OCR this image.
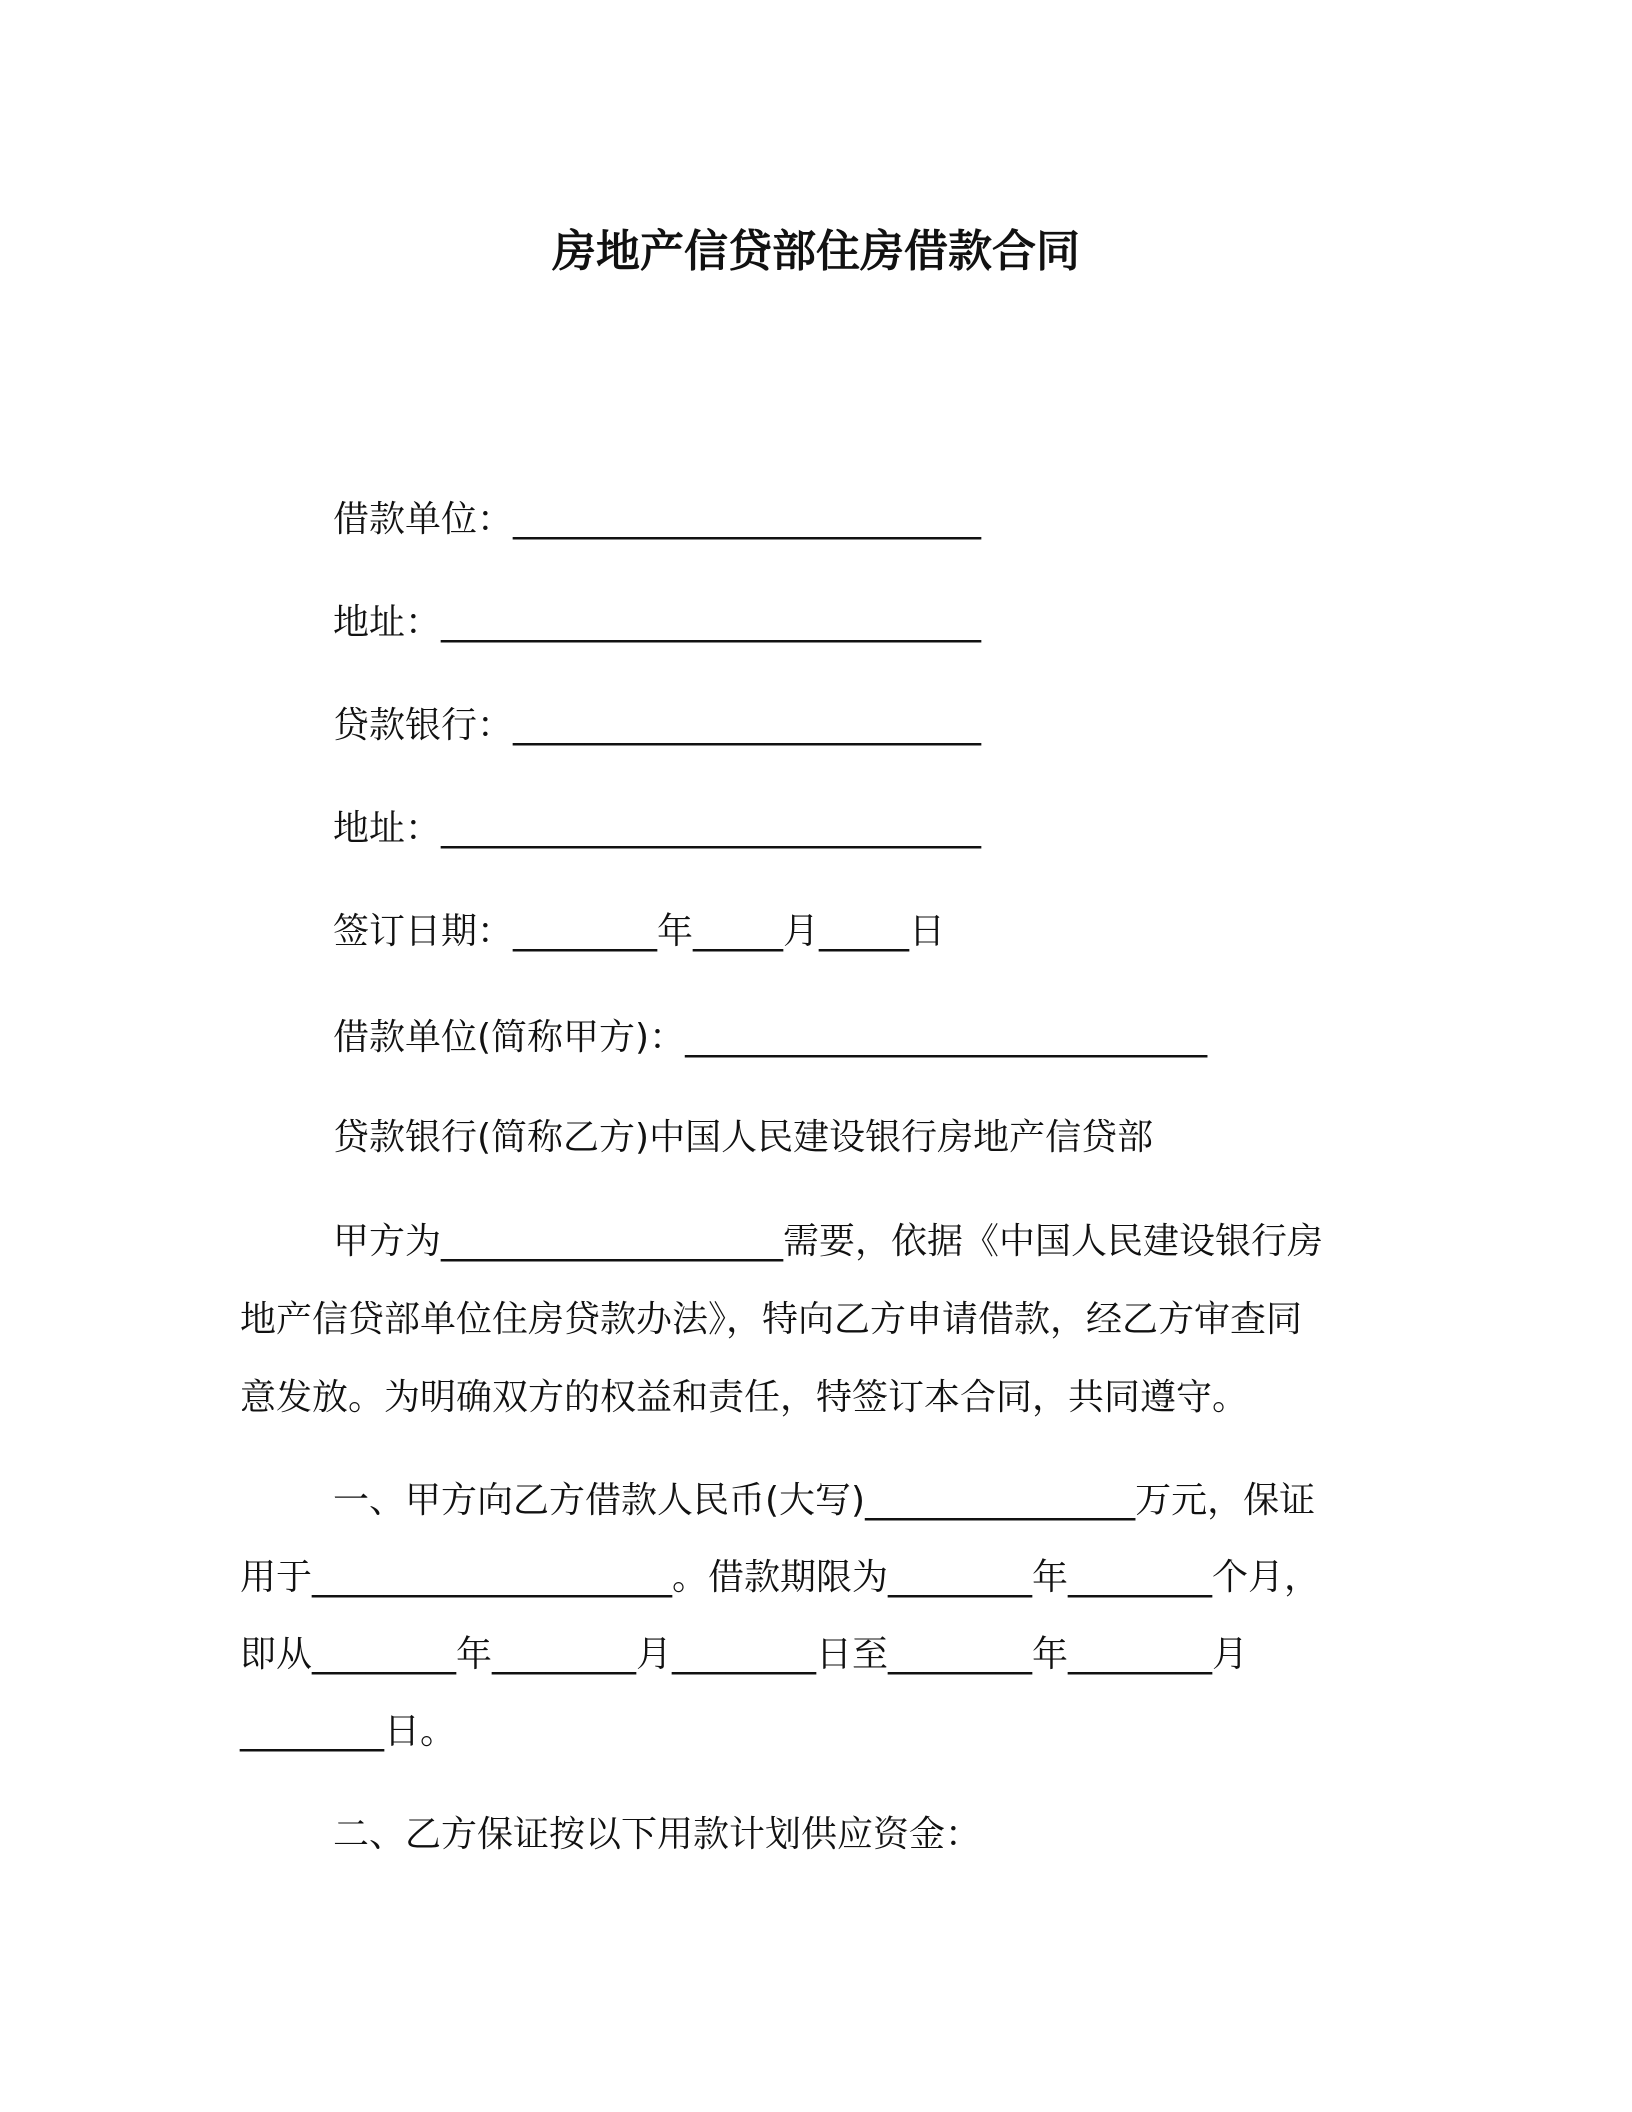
房地产信贷部住房借款合同
借款单位：__________________________
地址：______________________________
贷款银行：__________________________
地址：______________________________
签订日期：________年_____月_____日
借款单位(简称甲方)：_____________________________
贷款银行(简称乙方)中国人民建设银行房地产信贷部
甲方为___________________需要，依据《中国人民建设银行房
地产信贷部单位住房贷款办法》，特向乙方申请借款，经乙方审查同
意发放。为明确双方的权益和责任，特签订本合同，共同遵守。
一、甲方向乙方借款人民币(大写)_______________万元，保证
用于____________________。借款期限为________年________个月，
即从________年________月________日至________年________月
________日。
二、乙方保证按以下用款计划供应资金：
